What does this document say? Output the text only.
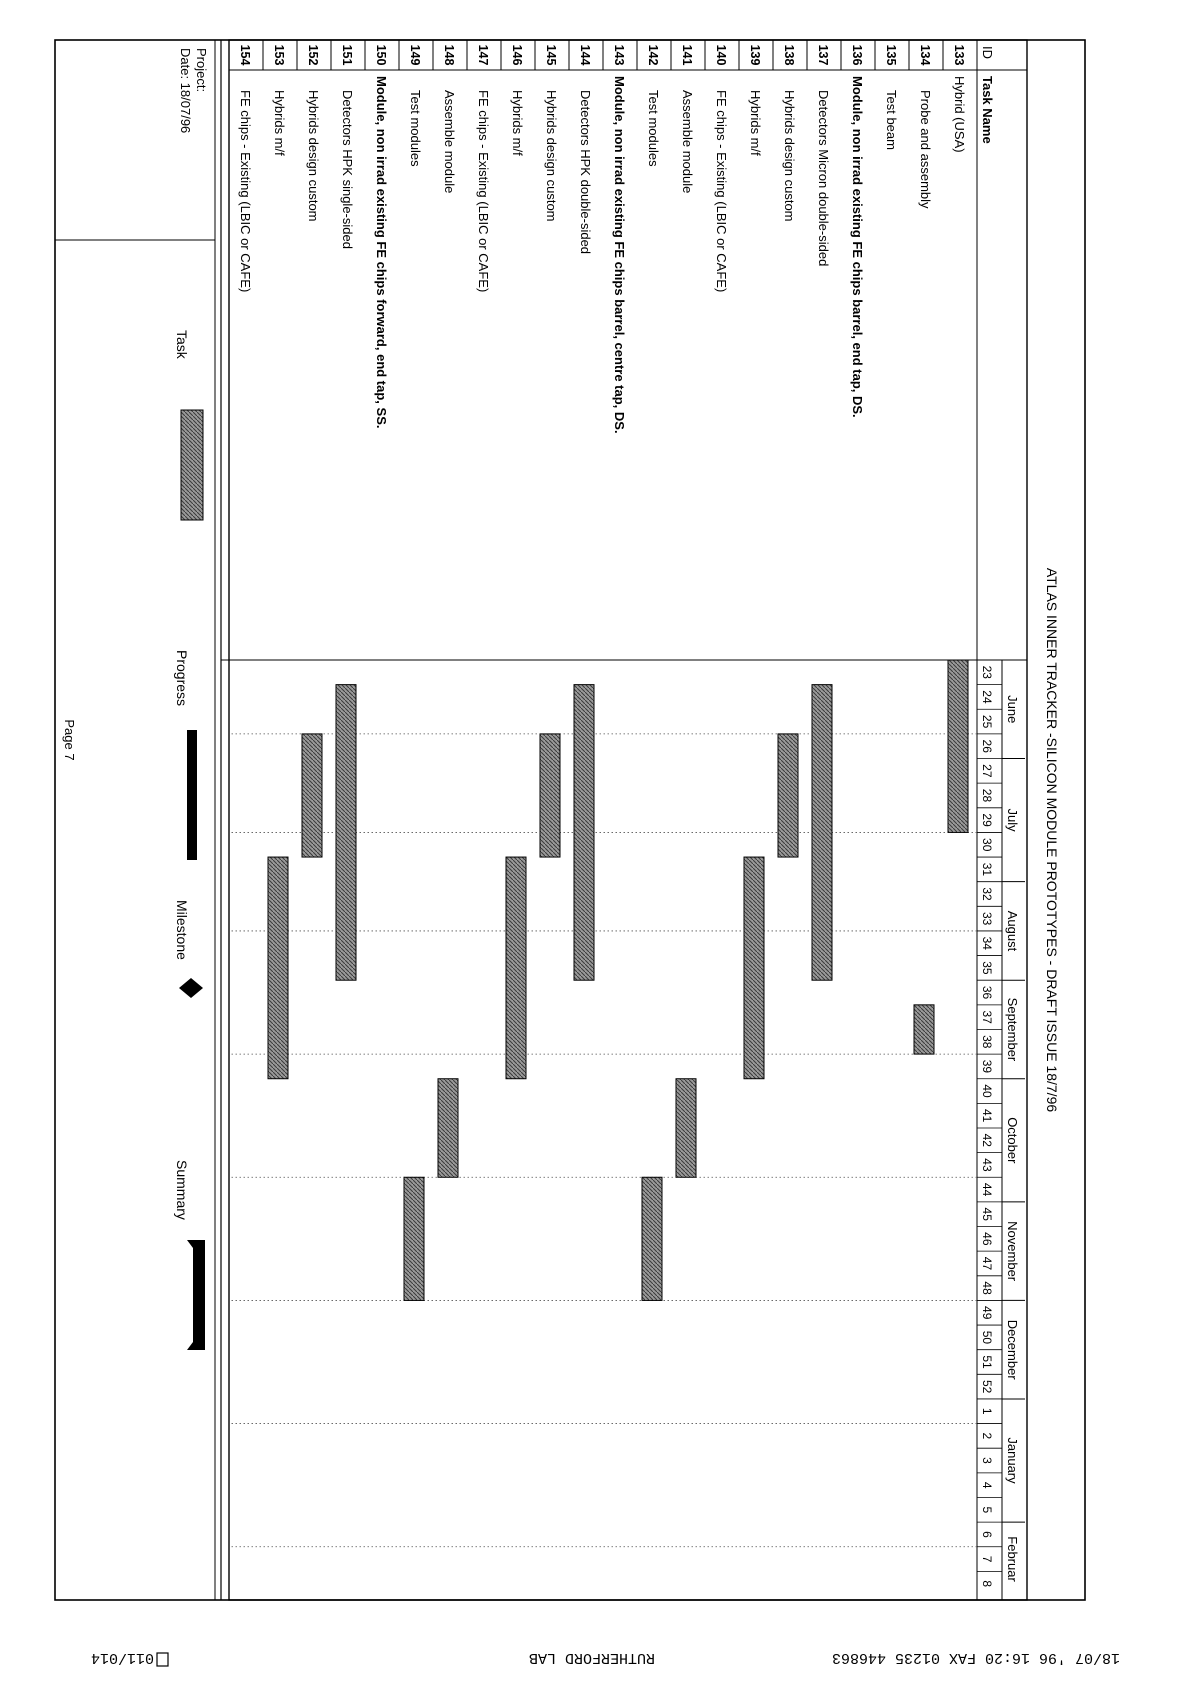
18/07 '96 16:20 FAX 01235 446863
RUTHERFORD LAB
011/014
ATLAS INNER TRACKER -SILICON MODULE PROTOTYPES - DRAFT ISSUE 18/7/96
ID
Task Name
June
23
24
25
26
July
27
28
29
30
31
August
32
33
34
35
September
36
37
38
39
October
40
41
42
43
44
November
45
46
47
48
December
49
50
51
52
January
1
2
3
4
5
Februar
6
7
8
133
Hybrid (USA)
134
Probe and assembly
135
Test beam
136
Module, non irrad existing FE chips barrel, end tap, DS.
137
Detectors Micron double-sided
138
Hybrids design custom
139
Hybrids m/f
140
FE chips - Existing (LBIC or CAFE)
141
Assemble module
142
Test modules
143
Module, non irrad existing FE chips barrel, centre tap, DS.
144
Detectors HPK double-sided
145
Hybrids design custom
146
Hybrids m/f
147
FE chips - Existing (LBIC or CAFE)
148
Assemble module
149
Test modules
150
Module, non irrad existing FE chips forward, end tap, SS.
151
Detectors HPK single-sided
152
Hybrids design custom
153
Hybrids m/f
154
FE chips - Existing (LBIC or CAFE)
Project:
Date: 18/07/96
Task
Progress
Milestone
Summary
Page 7
